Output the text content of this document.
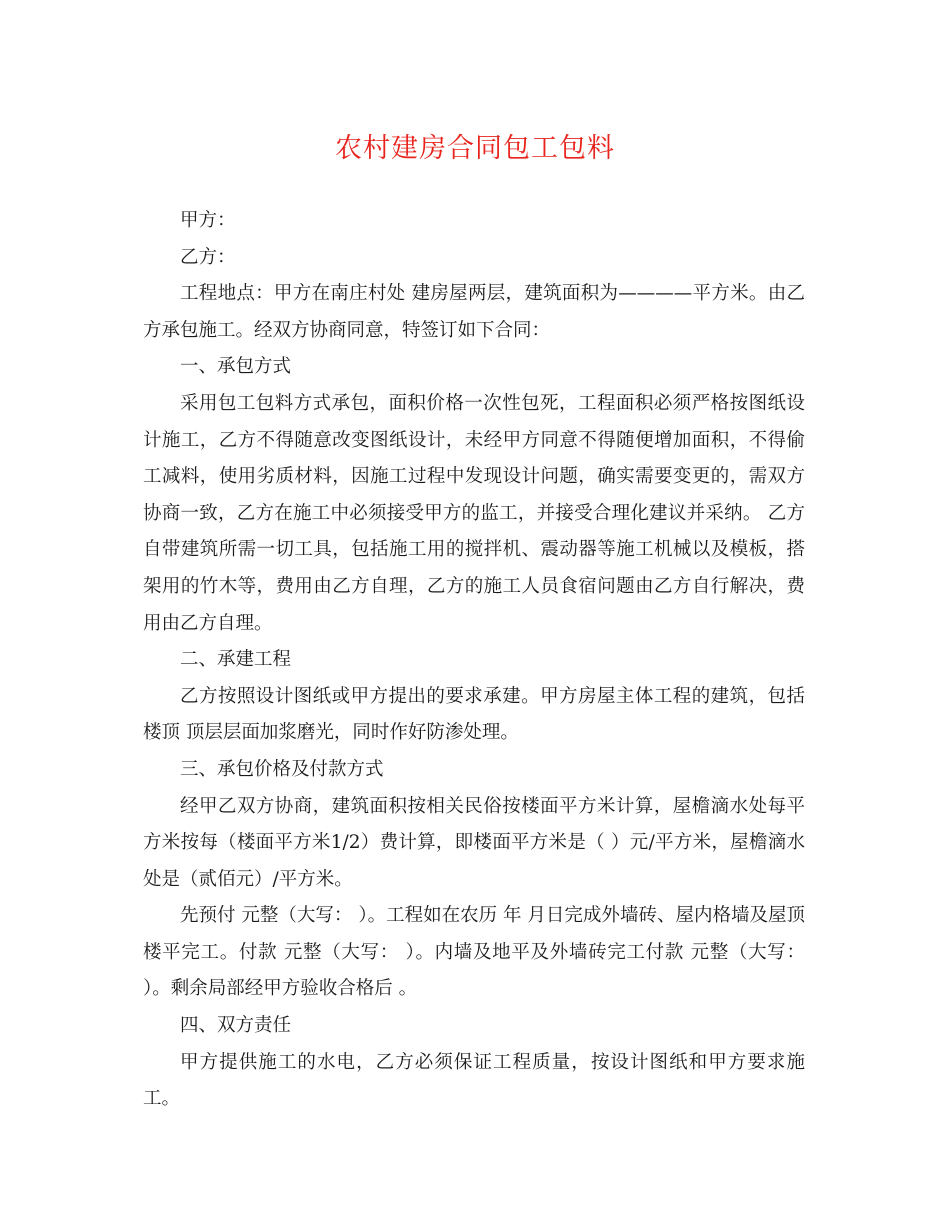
农村建房合同包工包料

甲方：

乙方：

工程地点：甲方在南庄村处 建房屋两层，建筑面积为————平方米。由乙方承包施工。经双方协商同意，特签订如下合同：

一、承包方式

采用包工包料方式承包，面积价格一次性包死，工程面积必须严格按图纸设计施工，乙方不得随意改变图纸设计，未经甲方同意不得随便增加面积，不得偷工减料，使用劣质材料，因施工过程中发现设计问题，确实需要变更的，需双方协商一致，乙方在施工中必须接受甲方的监工，并接受合理化建议并采纳。 乙方自带建筑所需一切工具，包括施工用的搅拌机、震动器等施工机械以及模板，搭架用的竹木等，费用由乙方自理，乙方的施工人员食宿问题由乙方自行解决，费用由乙方自理。

二、承建工程

乙方按照设计图纸或甲方提出的要求承建。甲方房屋主体工程的建筑，包括楼顶 顶层层面加浆磨光，同时作好防渗处理。

三、承包价格及付款方式

经甲乙双方协商，建筑面积按相关民俗按楼面平方米计算，屋檐滴水处每平方米按每（楼面平方米1/2）费计算，即楼面平方米是（ ）元/平方米，屋檐滴水处是（贰佰元）/平方米。

先预付 元整（大写： ）。工程如在农历 年 月日完成外墙砖、屋内格墙及屋顶楼平完工。付款 元整（大写： ）。内墙及地平及外墙砖完工付款 元整（大写： ）。剩余局部经甲方验收合格后 。

四、双方责任

甲方提供施工的水电，乙方必须保证工程质量，按设计图纸和甲方要求施工。
